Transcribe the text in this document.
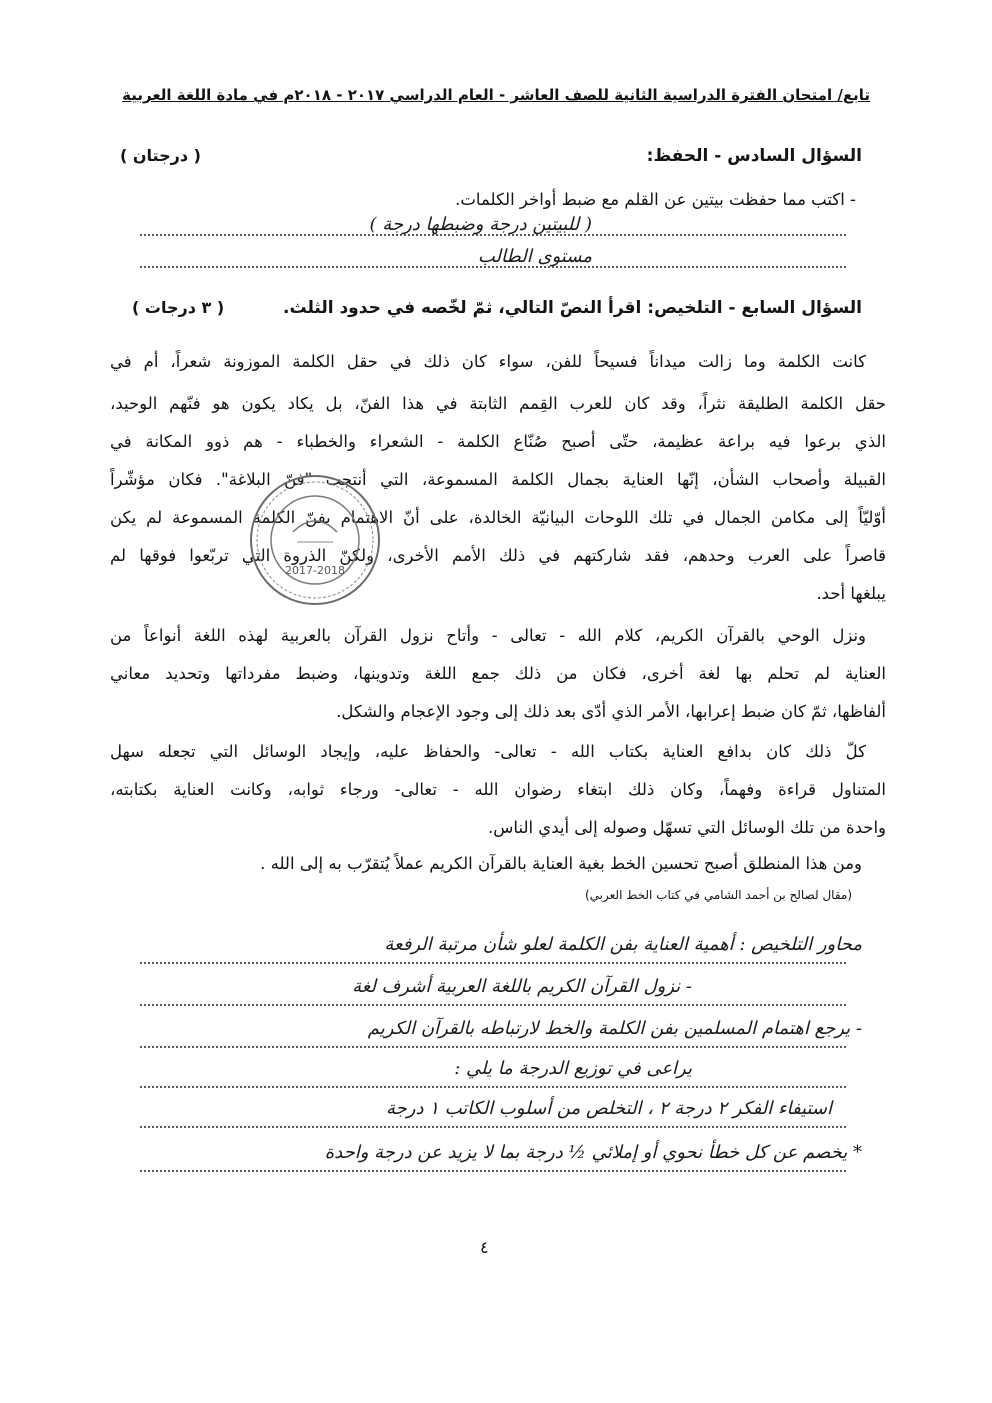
تابع/ امتحان الفترة الدراسية الثانية للصف العاشر - العام الدراسي ٢٠١٧ - ٢٠١٨م في مادة اللغة العربية
السؤال السادس - الحفظ:
( درجتان )
- اكتب مما حفظت بيتين عن القلم مع ضبط أواخر الكلمات.
( للبيتين درجة وضبطها درجة )
مستوى الطالب
السؤال السابع - التلخيص: اقرأ النصّ التالي، ثمّ لخّصه في حدود الثلث.
( ٣ درجات )
كانت الكلمة وما زالت ميداناً فسيحاً للفن، سواء كان ذلك في حقل الكلمة الموزونة شعراً، أم في
حقل الكلمة الطليقة نثراً، وقد كان للعرب القِمم الثابتة في هذا الفنّ، بل يكاد يكون هو فنّهم الوحيد،
الذي برعوا فيه براعة عظيمة، حتّى أصبح صُنّاع الكلمة - الشعراء والخطباء - هم ذوو المكانة في
القبيلة وأصحاب الشأن، إنّها العناية بجمال الكلمة المسموعة، التي أنتجت "فنّ البلاغة". فكان مؤشّراً
أوّليّاً إلى مكامن الجمال في تلك اللوحات البيانيّة الخالدة، على أنّ الاهتمام بفنّ الكلمة المسموعة لم يكن
قاصراً على العرب وحدهم، فقد شاركتهم في ذلك الأمم الأخرى، ولكنّ الذروة التي تربّعوا فوقها لم
يبلغها أحد.
ونزل الوحي بالقرآن الكريم، كلام الله - تعالى - وأتاح نزول القرآن بالعربية لهذه اللغة أنواعاً من
العناية لم تحلم بها لغة أخرى، فكان من ذلك جمع اللغة وتدوينها، وضبط مفرداتها وتحديد معاني
ألفاظها، ثمّ كان ضبط إعرابها، الأمر الذي أدّى بعد ذلك إلى وجود الإعجام والشكل.
كلّ ذلك كان بدافع العناية بكتاب الله - تعالى- والحفاظ عليه، وإيجاد الوسائل التي تجعله سهل
المتناول قراءة وفهماً، وكان ذلك ابتغاء رضوان الله - تعالى- ورجاء ثوابه، وكانت العناية بكتابته،
واحدة من تلك الوسائل التي تسهّل وصوله إلى أيدي الناس.
ومن هذا المنطلق أصبح تحسين الخط بغية العناية بالقرآن الكريم عملاً يُتقرّب به إلى الله .
(مقال لصالح بن أحمد الشامي في كتاب الخط العربي)
2017-2018
محاور التلخيص : أهمية العناية بفن الكلمة لعلو شأن مرتبة الرفعة
- نزول القرآن الكريم باللغة العربية أشرف لغة
- يرجع اهتمام المسلمين بفن الكلمة والخط لارتباطه بالقرآن الكريم
يراعى في توزيع الدرجة ما يلي :
استيفاء الفكر ٢ درجة ٢ ، التخلص من أسلوب الكاتب ١ درجة
* يخصم عن كل خطأ نحوي أو إملائي ½ درجة بما لا يزيد عن درجة واحدة
٤
